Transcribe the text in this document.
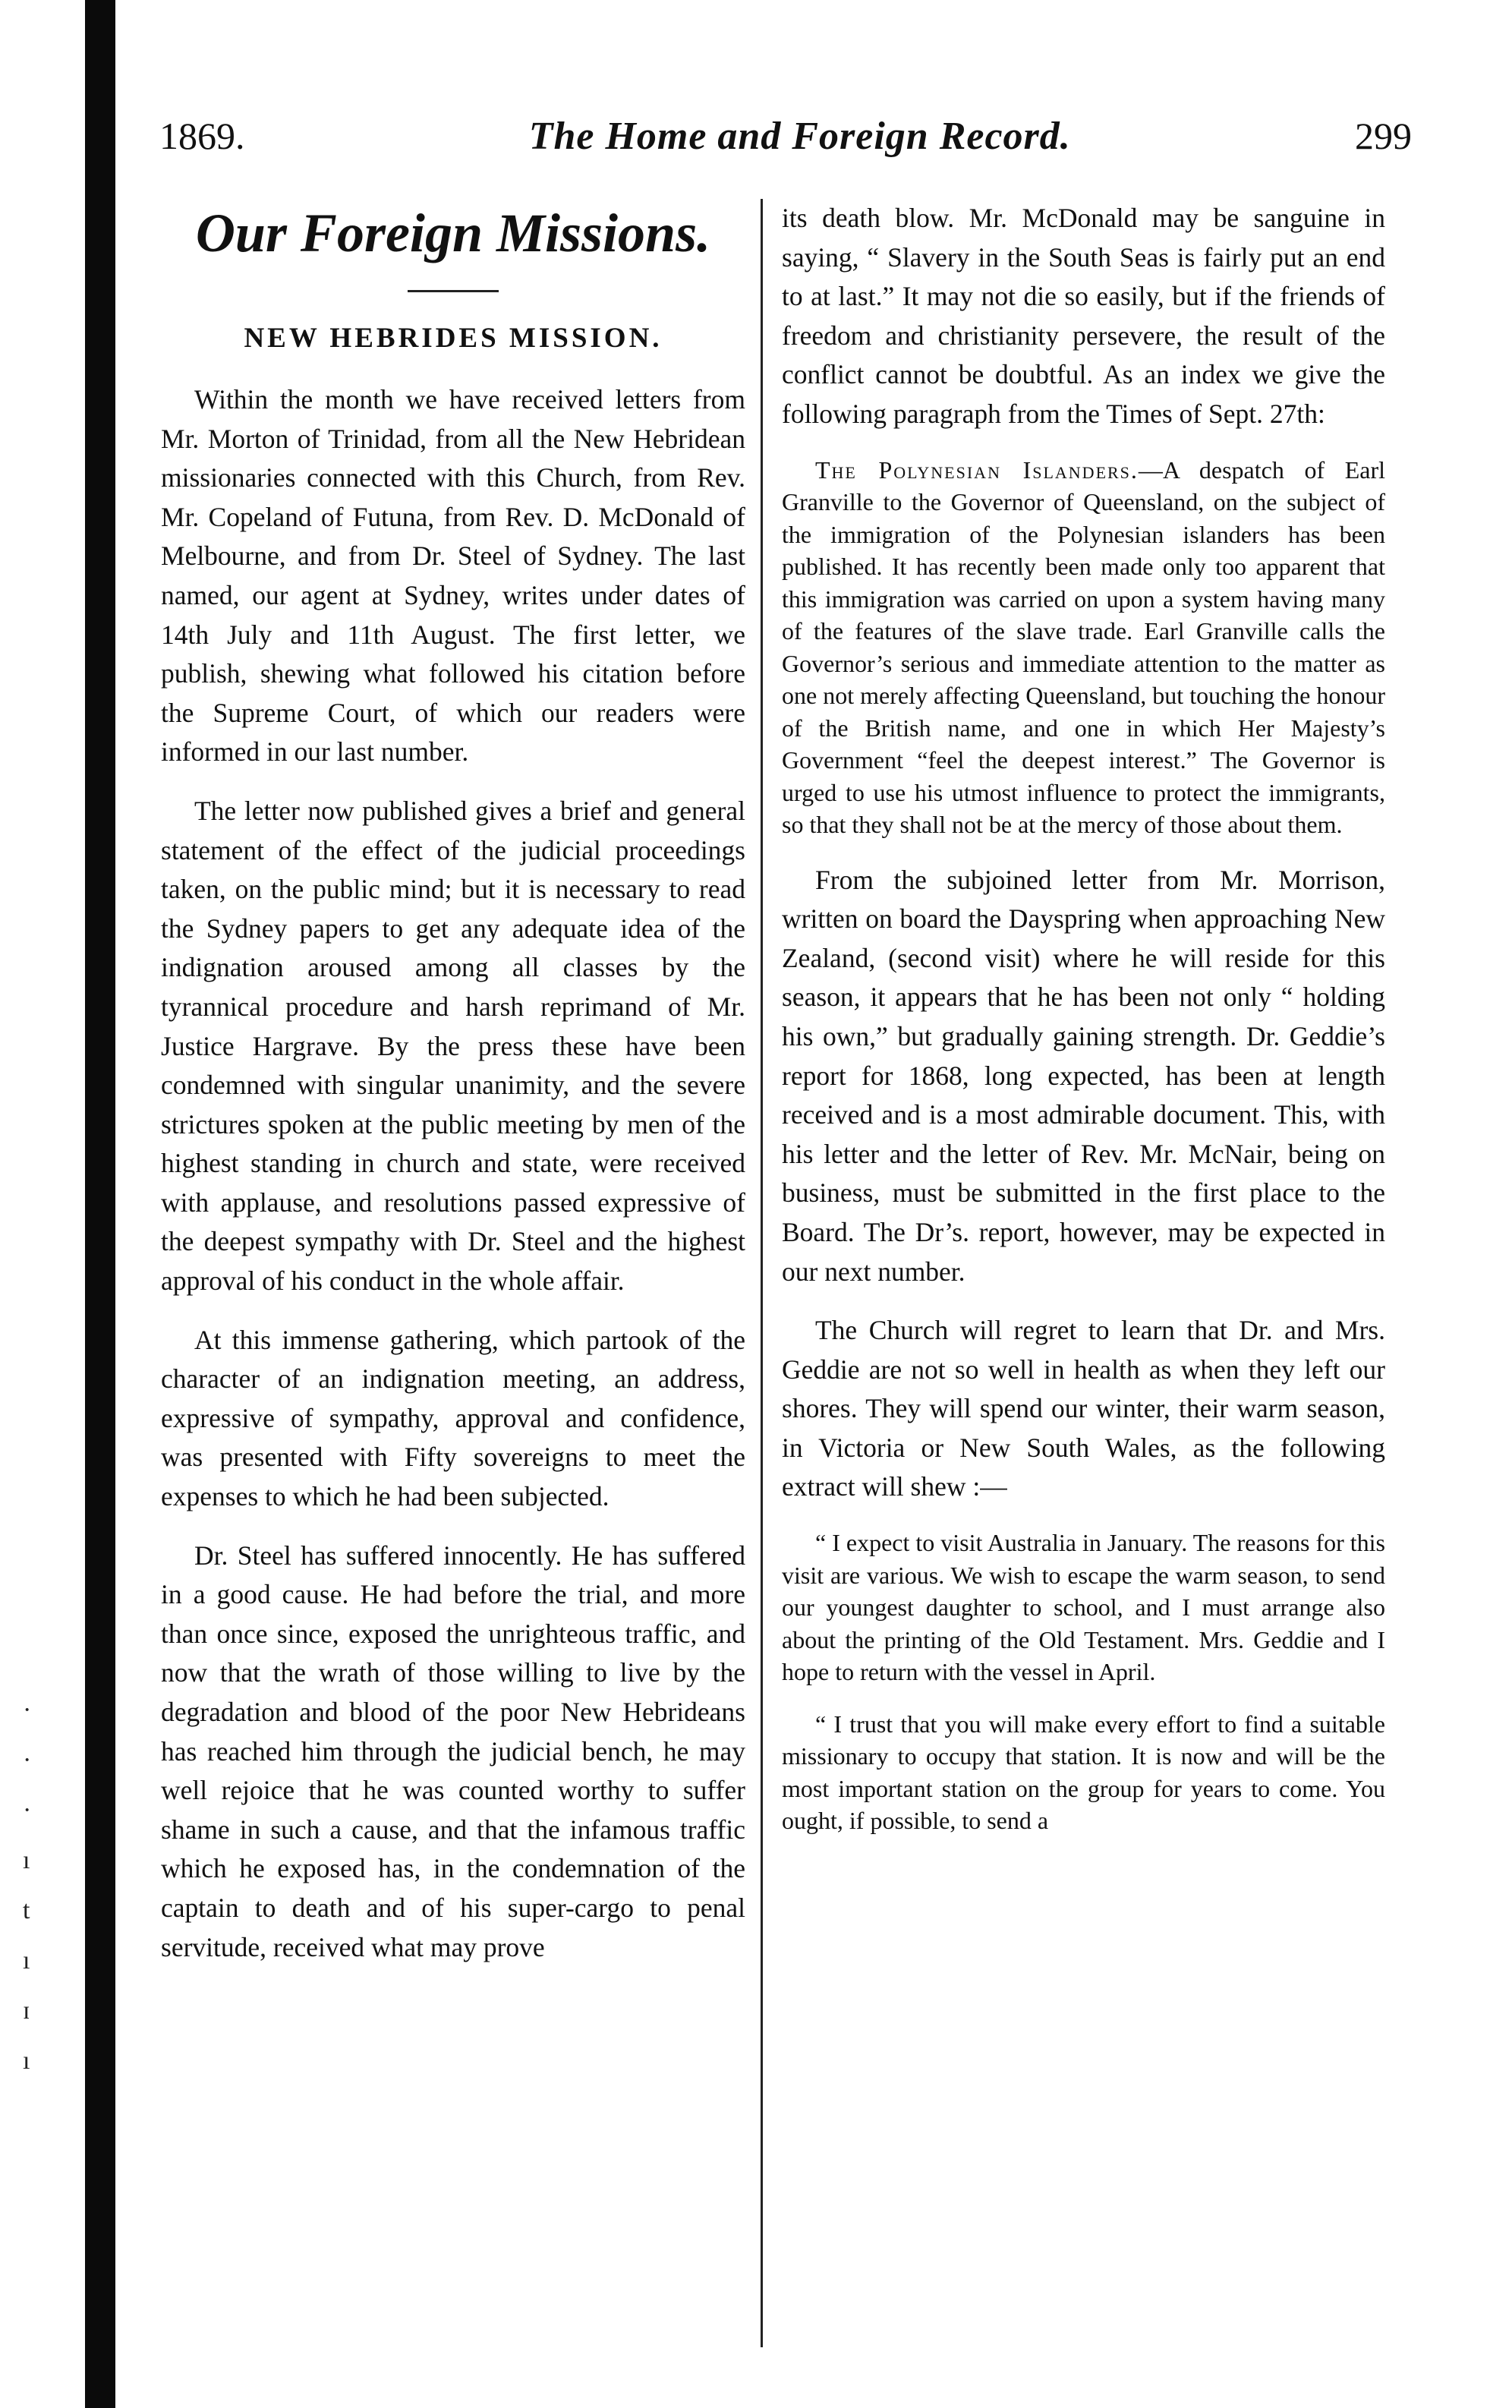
·
·
·
ı
t
ı
ɪ
ı
1869.	The Home and Foreign Record.	299
Our Foreign Missions.
NEW HEBRIDES MISSION.

Within the month we have received letters from Mr. Morton of Trinidad, from all the New Hebridean missionaries connected with this Church, from Rev. Mr. Copeland of Futuna, from Rev. D. McDonald of Melbourne, and from Dr. Steel of Sydney. The last named, our agent at Sydney, writes under dates of 14th July and 11th August. The first letter, we publish, shewing what followed his citation before the Supreme Court, of which our readers were informed in our last number.

The letter now published gives a brief and general statement of the effect of the judicial proceedings taken, on the public mind; but it is necessary to read the Sydney papers to get any adequate idea of the indignation aroused among all classes by the tyrannical procedure and harsh reprimand of Mr. Justice Hargrave. By the press these have been condemned with singular unanimity, and the severe strictures spoken at the public meeting by men of the highest standing in church and state, were received with applause, and resolutions passed expressive of the deepest sympathy with Dr. Steel and the highest approval of his conduct in the whole affair.

At this immense gathering, which partook of the character of an indignation meeting, an address, expressive of sympathy, approval and confidence, was presented with Fifty sovereigns to meet the expenses to which he had been subjected.

Dr. Steel has suffered innocently. He has suffered in a good cause. He had before the trial, and more than once since, exposed the unrighteous traffic, and now that the wrath of those willing to live by the degradation and blood of the poor New Hebrideans has reached him through the judicial bench, he may well rejoice that he was counted worthy to suffer shame in such a cause, and that the infamous traffic which he exposed has, in the condemnation of the captain to death and of his super-cargo to penal servitude, received what may prove

its death blow. Mr. McDonald may be sanguine in saying, “ Slavery in the South Seas is fairly put an end to at last.” It may not die so easily, but if the friends of freedom and christianity persevere, the result of the conflict cannot be doubtful. As an index we give the following paragraph from the Times of Sept. 27th:

The Polynesian Islanders.—A despatch of Earl Granville to the Governor of Queensland, on the subject of the immigration of the Polynesian islanders has been published. It has recently been made only too apparent that this immigration was carried on upon a system having many of the features of the slave trade. Earl Granville calls the Governor’s serious and immediate attention to the matter as one not merely affecting Queensland, but touching the honour of the British name, and one in which Her Majesty’s Government “feel the deepest interest.” The Governor is urged to use his utmost influence to protect the immigrants, so that they shall not be at the mercy of those about them.

From the subjoined letter from Mr. Morrison, written on board the Dayspring when approaching New Zealand, (second visit) where he will reside for this season, it appears that he has been not only “ holding his own,” but gradually gaining strength. Dr. Geddie’s report for 1868, long expected, has been at length received and is a most admirable document. This, with his letter and the letter of Rev. Mr. McNair, being on business, must be submitted in the first place to the Board. The Dr’s. report, however, may be expected in our next number.

The Church will regret to learn that Dr. and Mrs. Geddie are not so well in health as when they left our shores. They will spend our winter, their warm season, in Victoria or New South Wales, as the following extract will shew :—

“ I expect to visit Australia in January. The reasons for this visit are various. We wish to escape the warm season, to send our youngest daughter to school, and I must arrange also about the printing of the Old Testament. Mrs. Geddie and I hope to return with the vessel in April.

“ I trust that you will make every effort to find a suitable missionary to occupy that station. It is now and will be the most important station on the group for years to come. You ought, if possible, to send a
